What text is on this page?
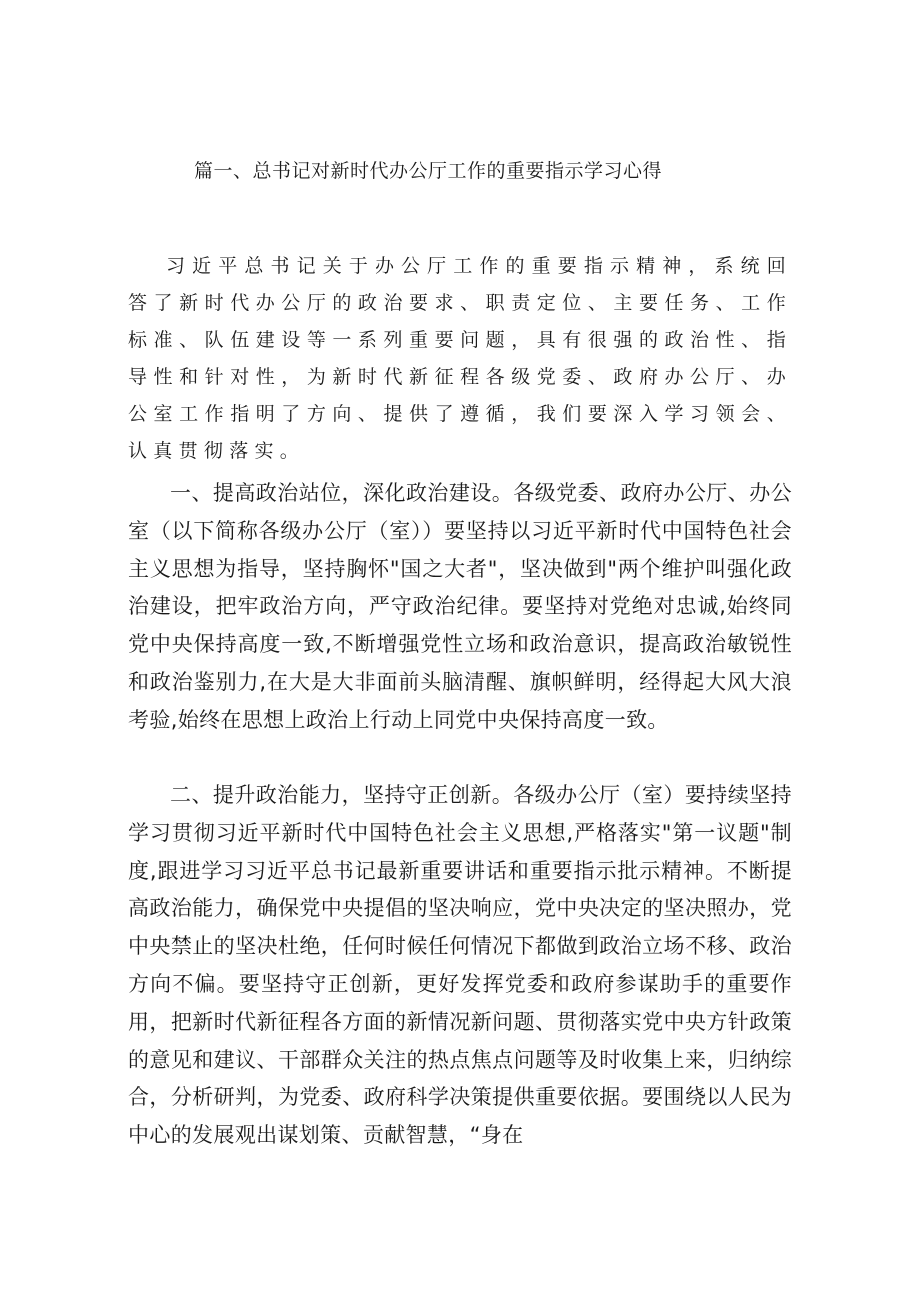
篇一、总书记对新时代办公厅工作的重要指示学习心得

习近平总书记关于办公厅工作的重要指示精神，系统回答了新时代办公厅的政治要求、职责定位、主要任务、工作标准、队伍建设等一系列重要问题，具有很强的政治性、指导性和针对性，为新时代新征程各级党委、政府办公厅、办公室工作指明了方向、提供了遵循，我们要深入学习领会、认真贯彻落实。

一、提高政治站位，深化政治建设。各级党委、政府办公厅、办公室（以下简称各级办公厅（室））要坚持以习近平新时代中国特色社会主义思想为指导，坚持胸怀"国之大者"，坚决做到"两个维护叫强化政治建设，把牢政治方向，严守政治纪律。要坚持对党绝对忠诚,始终同党中央保持高度一致,不断增强党性立场和政治意识，提高政治敏锐性和政治鉴别力,在大是大非面前头脑清醒、旗帜鲜明，经得起大风大浪考验,始终在思想上政治上行动上同党中央保持高度一致。

二、提升政治能力，坚持守正创新。各级办公厅（室）要持续坚持学习贯彻习近平新时代中国特色社会主义思想,严格落实"第一议题"制度,跟进学习习近平总书记最新重要讲话和重要指示批示精神。不断提高政治能力，确保党中央提倡的坚决响应，党中央决定的坚决照办，党中央禁止的坚决杜绝，任何时候任何情况下都做到政治立场不移、政治方向不偏。要坚持守正创新，更好发挥党委和政府参谋助手的重要作用，把新时代新征程各方面的新情况新问题、贯彻落实党中央方针政策的意见和建议、干部群众关注的热点焦点问题等及时收集上来，归纳综合，分析研判，为党委、政府科学决策提供重要依据。要围绕以人民为中心的发展观出谋划策、贡献智慧，“身在
